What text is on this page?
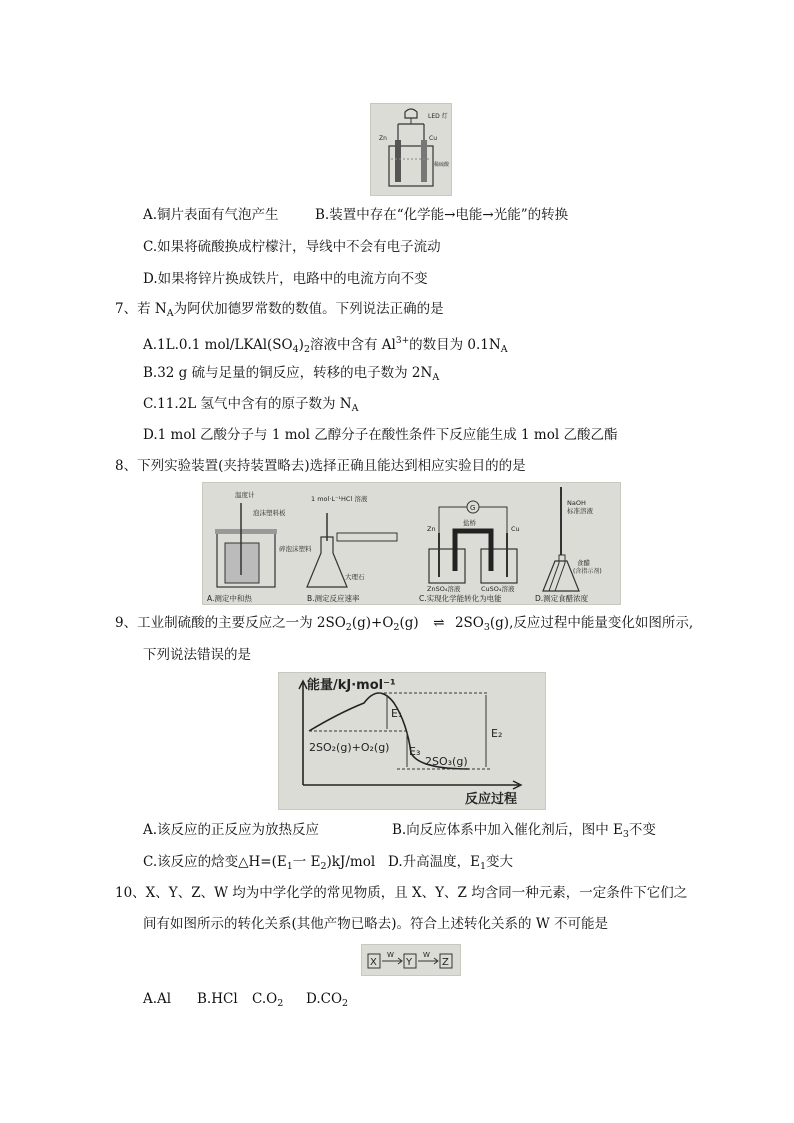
LED 灯
Zn	Cu
稀硫酸
A.铜片表面有气泡产生	B.装置中存在“化学能→电能→光能”的转换
C.如果将硫酸换成柠檬汁，导线中不会有电子流动
D.如果将锌片换成铁片，电路中的电流方向不变
7、若 $N_A$为阿伏加德罗常数的数值。下列说法正确的是
A.1L.0.1 mol/$LKAl(SO_4)_2$溶液中含有 $Al^{3+}$的数目为 $0.1N_A$
B.32 g 硫与足量的铜反应，转移的电子数为 $2N_A$
C.11.2L 氢气中含有的原子数为 $N_A$
D.1 mol 乙酸分子与 1 mol 乙醇分子在酸性条件下反应能生成 1 mol 乙酸乙酯
8、下列实验装置(夹持装置略去)选择正确且能达到相应实验目的的是
温度计
泡沫塑料板
碎泡沫塑料
1 mol·L⁻¹HCl 溶液
大理石
G
盐桥
Zn	Cu
ZnSO₄溶液	CuSO₄溶液
NaOH
标准溶液
食醋
(含指示剂)
A.测定中和热	B.测定反应速率	C.实现化学能转化为电能	D.测定食醋浓度
9、工业制硫酸的主要反应之一为 $2SO_2(g)+O_2(g)$ ⇌ $2SO_3(g)$,反应过程中能量变化如图所示,
下列说法错误的是
能量/kJ·mol⁻¹
反应过程
2SO₂(g)+O₂(g)
2SO₃(g)
E₁
E₃
E₂
A.该反应的正反应为放热反应	B.向反应体系中加入催化剂后，图中 $E_3$不变
C.该反应的焓变$\triangle H=(E_1$一 $E_2)kJ$/mol D.升高温度，$E_1$变大
10、X、Y、Z、W 均为中学化学的常见物质，且 X、Y、Z 均含同一种元素，一定条件下它们之
间有如图所示的转化关系(其他产物已略去)。符合上述转化关系的 W 不可能是
X	Y	Z
W	W
A.Al B.HCl $C.O_2$ $D.CO_2$
